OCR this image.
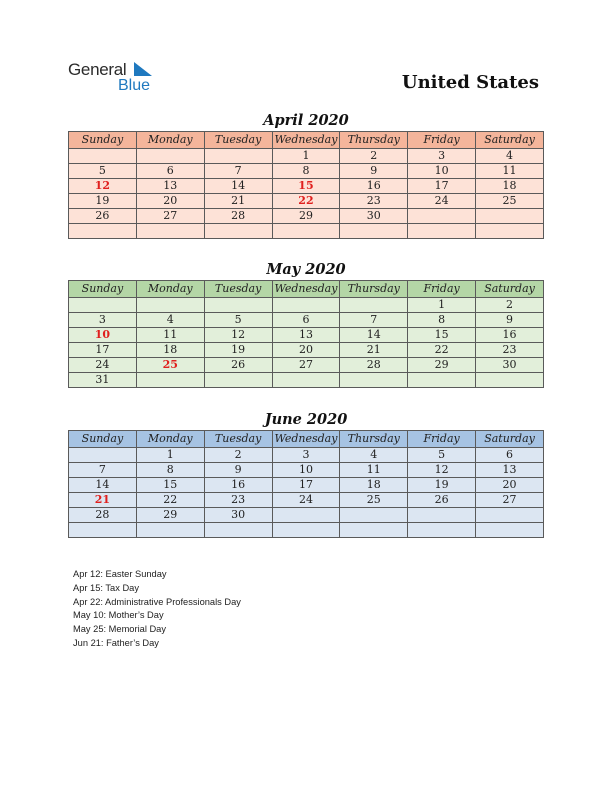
General
Blue	United States
April 2020
Sunday	Monday	Tuesday	Wednesday	Thursday	Friday	Saturday
			1	2	3	4
5	6	7	8	9	10	11
12	13	14	15	16	17	18
19	20	21	22	23	24	25
26	27	28	29	30		

May 2020
Sunday	Monday	Tuesday	Wednesday	Thursday	Friday	Saturday
					1	2
3	4	5	6	7	8	9
10	11	12	13	14	15	16
17	18	19	20	21	22	23
24	25	26	27	28	29	30
31						
June 2020
Sunday	Monday	Tuesday	Wednesday	Thursday	Friday	Saturday
	1	2	3	4	5	6
7	8	9	10	11	12	13
14	15	16	17	18	19	20
21	22	23	24	25	26	27
28	29	30				

Apr 12: Easter Sunday
Apr 15: Tax Day
Apr 22: Administrative Professionals Day
May 10: Mother’s Day
May 25: Memorial Day
Jun 21: Father’s Day
